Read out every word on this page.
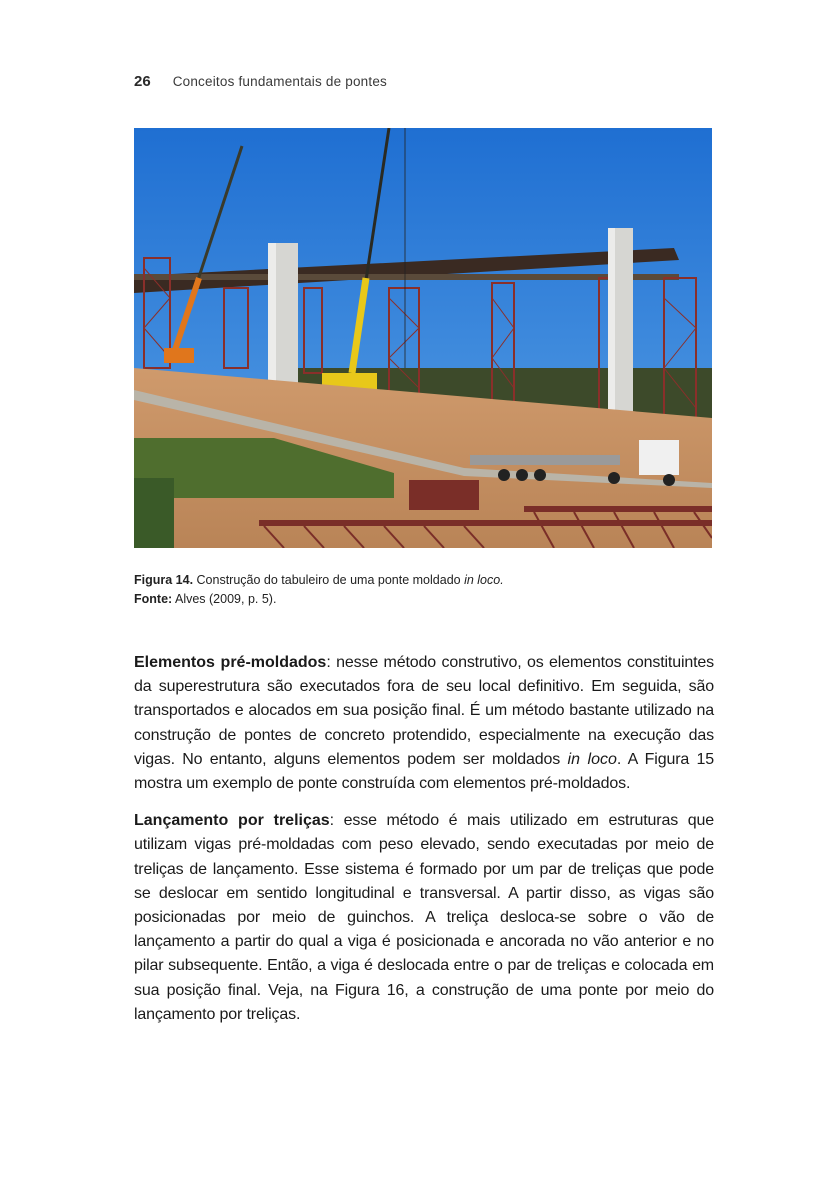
26 Conceitos fundamentais de pontes
Figura 14. Construção do tabuleiro de uma ponte moldado in loco.
Fonte: Alves (2009, p. 5).

Elementos pré-moldados: nesse método construtivo, os elementos constituintes da superestrutura são executados fora de seu local definitivo. Em seguida, são transportados e alocados em sua posição final. É um método bastante utilizado na construção de pontes de concreto protendido, especialmente na execução das vigas. No entanto, alguns elementos podem ser moldados in loco. A Figura 15 mostra um exemplo de ponte construída com elementos pré-moldados.

Lançamento por treliças: esse método é mais utilizado em estruturas que utilizam vigas pré-moldadas com peso elevado, sendo executadas por meio de treliças de lançamento. Esse sistema é formado por um par de treliças que pode se deslocar em sentido longitudinal e transversal. A partir disso, as vigas são posicionadas por meio de guinchos. A treliça desloca-se sobre o vão de lançamento a partir do qual a viga é posicionada e ancorada no vão anterior e no pilar subsequente. Então, a viga é deslocada entre o par de treliças e colocada em sua posição final. Veja, na Figura 16, a construção de uma ponte por meio do lançamento por treliças.
